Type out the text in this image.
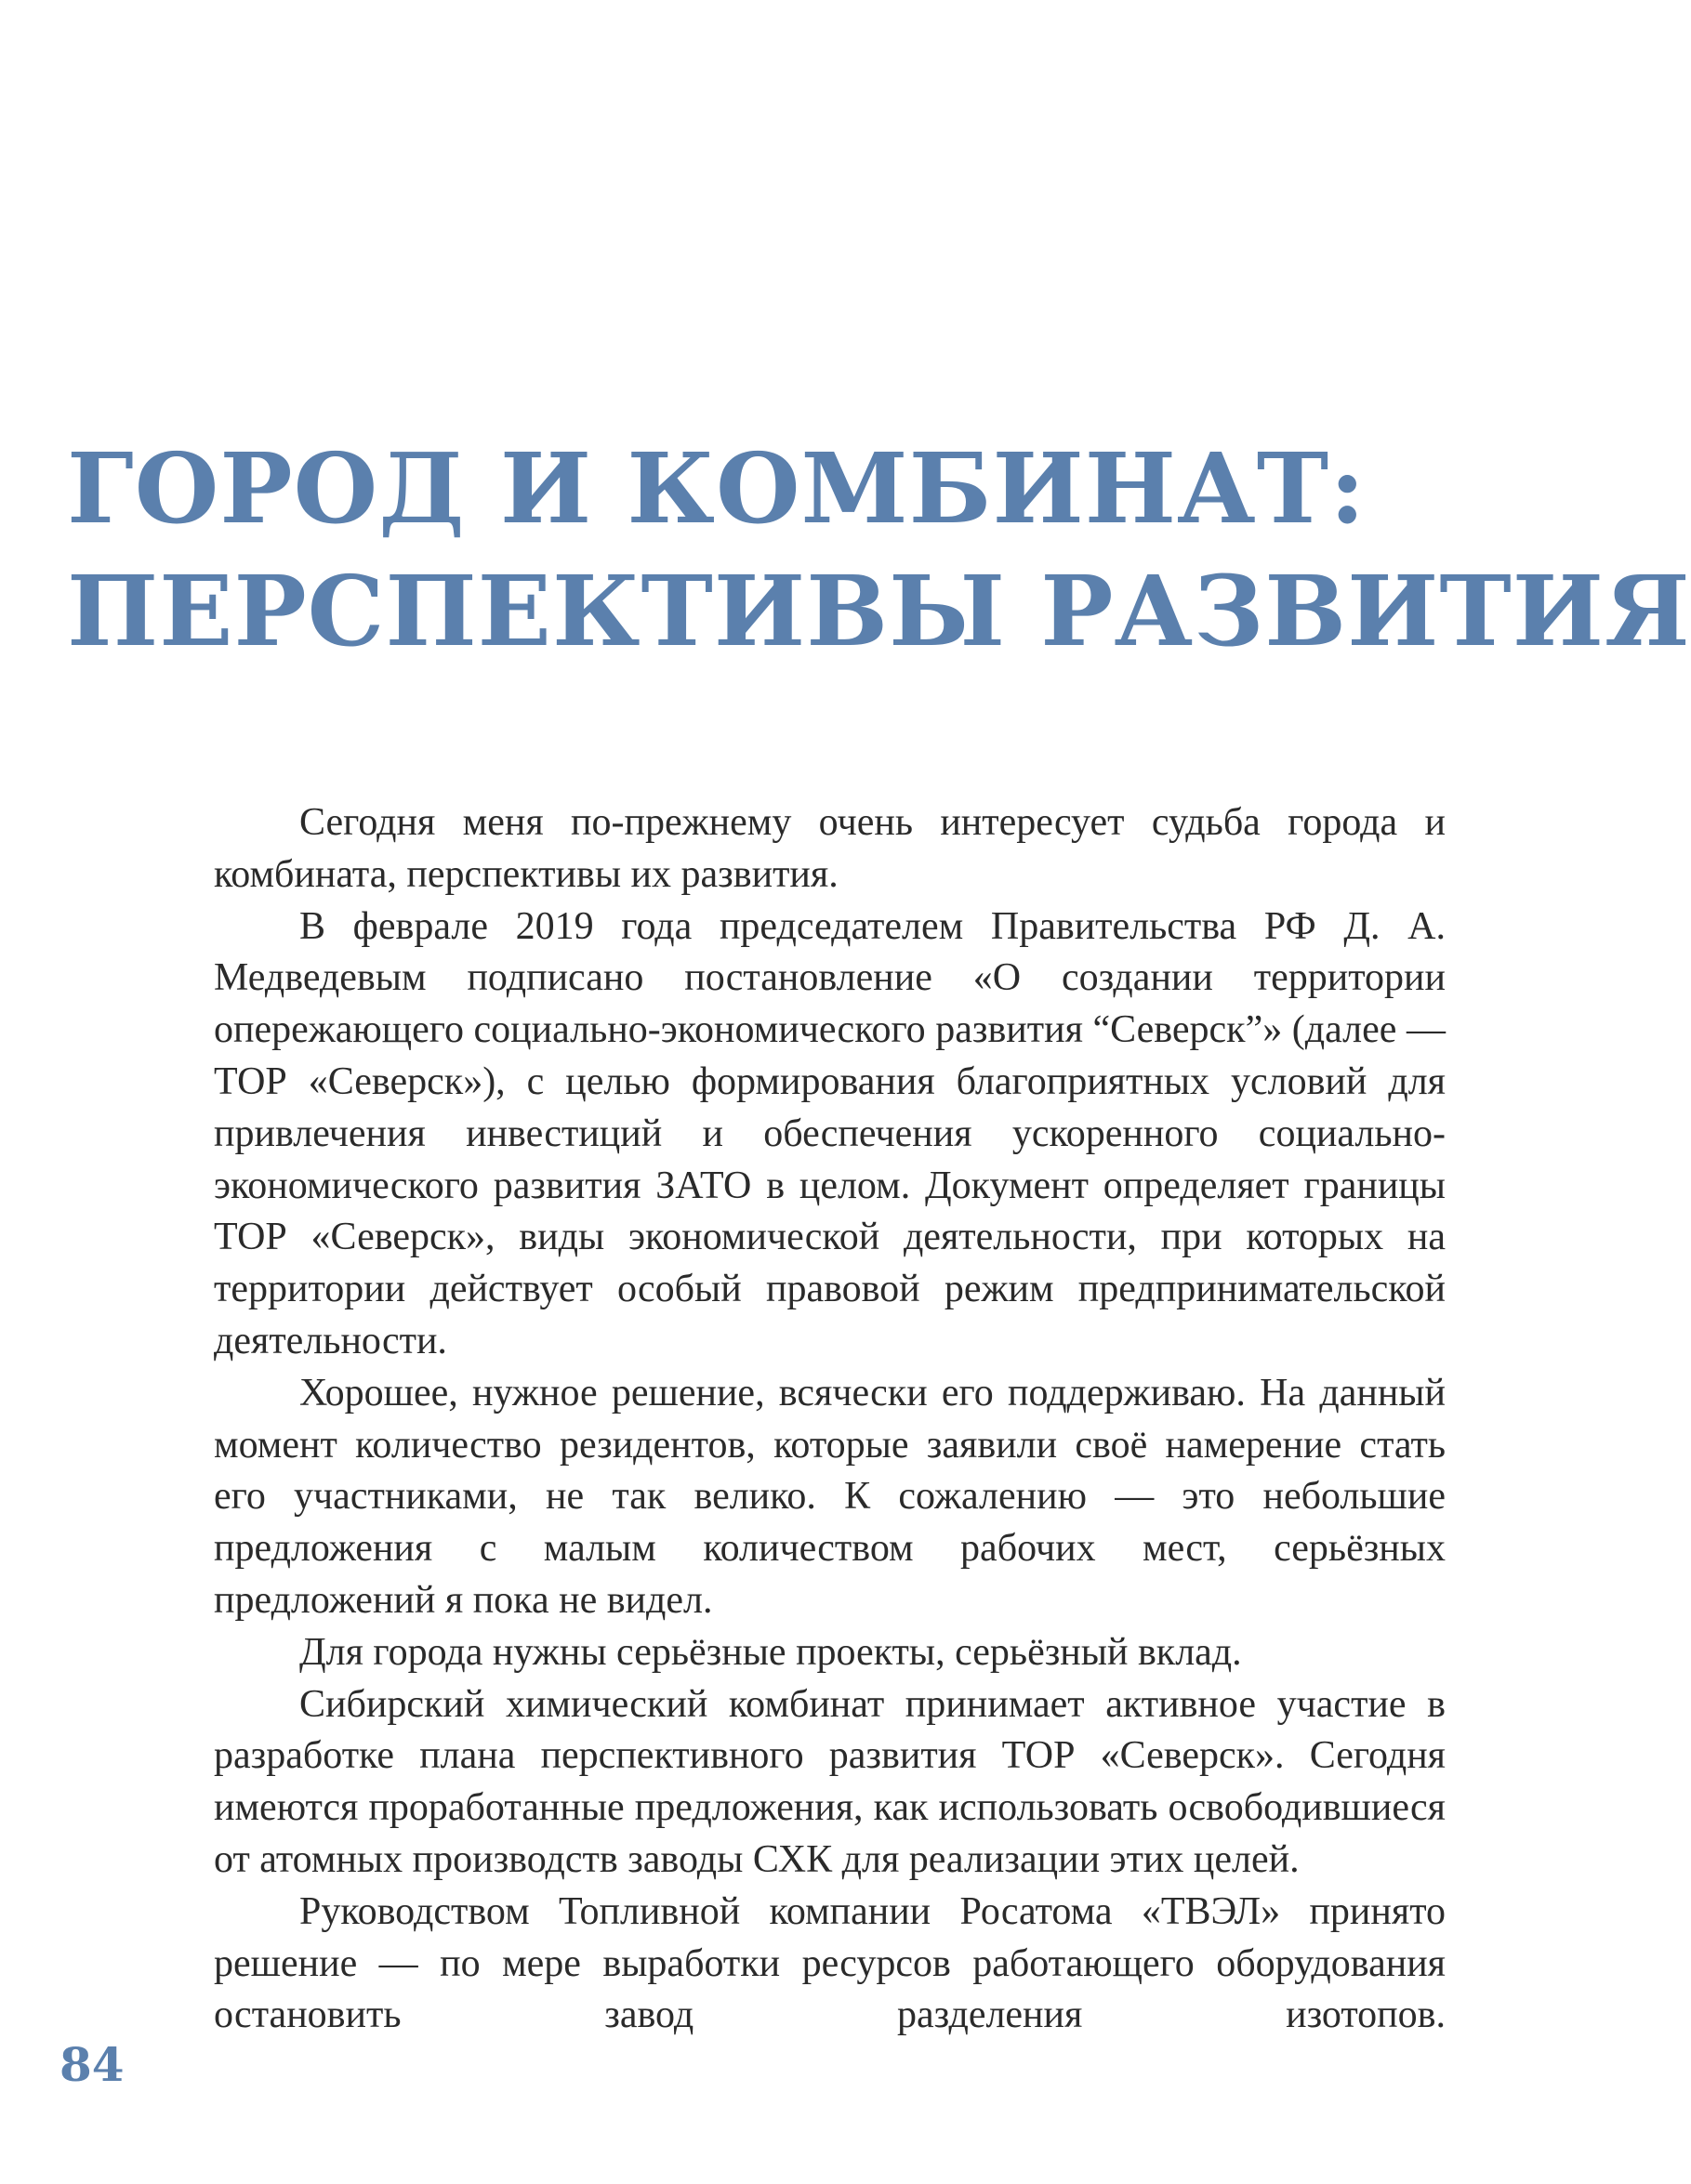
ГОРОД И КОМБИНАТ:
ПЕРСПЕКТИВЫ РАЗВИТИЯ

Сегодня меня по-прежнему очень интересует судьба города и комбината, перспективы их развития.

В феврале 2019 года председателем Правительства РФ Д. А. Медведевым подписано постановление «О создании территории опережающего социально-экономического развития “Северск”» (далее — ТОР «Северск»), с целью формирования благоприятных условий для привлечения инвестиций и обеспечения ускоренного социально-экономического развития ЗАТО в целом. Документ определяет границы ТОР «Северск», виды экономической деятельности, при которых на территории действует особый правовой режим предпринимательской деятельности.

Хорошее, нужное решение, всячески его поддерживаю. На данный момент количество резидентов, которые заявили своё намерение стать его участниками, не так велико. К сожалению — это небольшие предложения с малым количеством рабочих мест, серьёзных предложений я пока не видел.

Для города нужны серьёзные проекты, серьёзный вклад.

Сибирский химический комбинат принимает активное участие в разработке плана перспективного развития ТОР «Северск». Сегодня имеются проработанные предложения, как использовать освободившиеся от атомных производств заводы СХК для реализации этих целей.

Руководством Топливной компании Росатома «ТВЭЛ» принято решение — по мере выработки ресурсов работающего оборудования остановить завод разделения изотопов.

84
